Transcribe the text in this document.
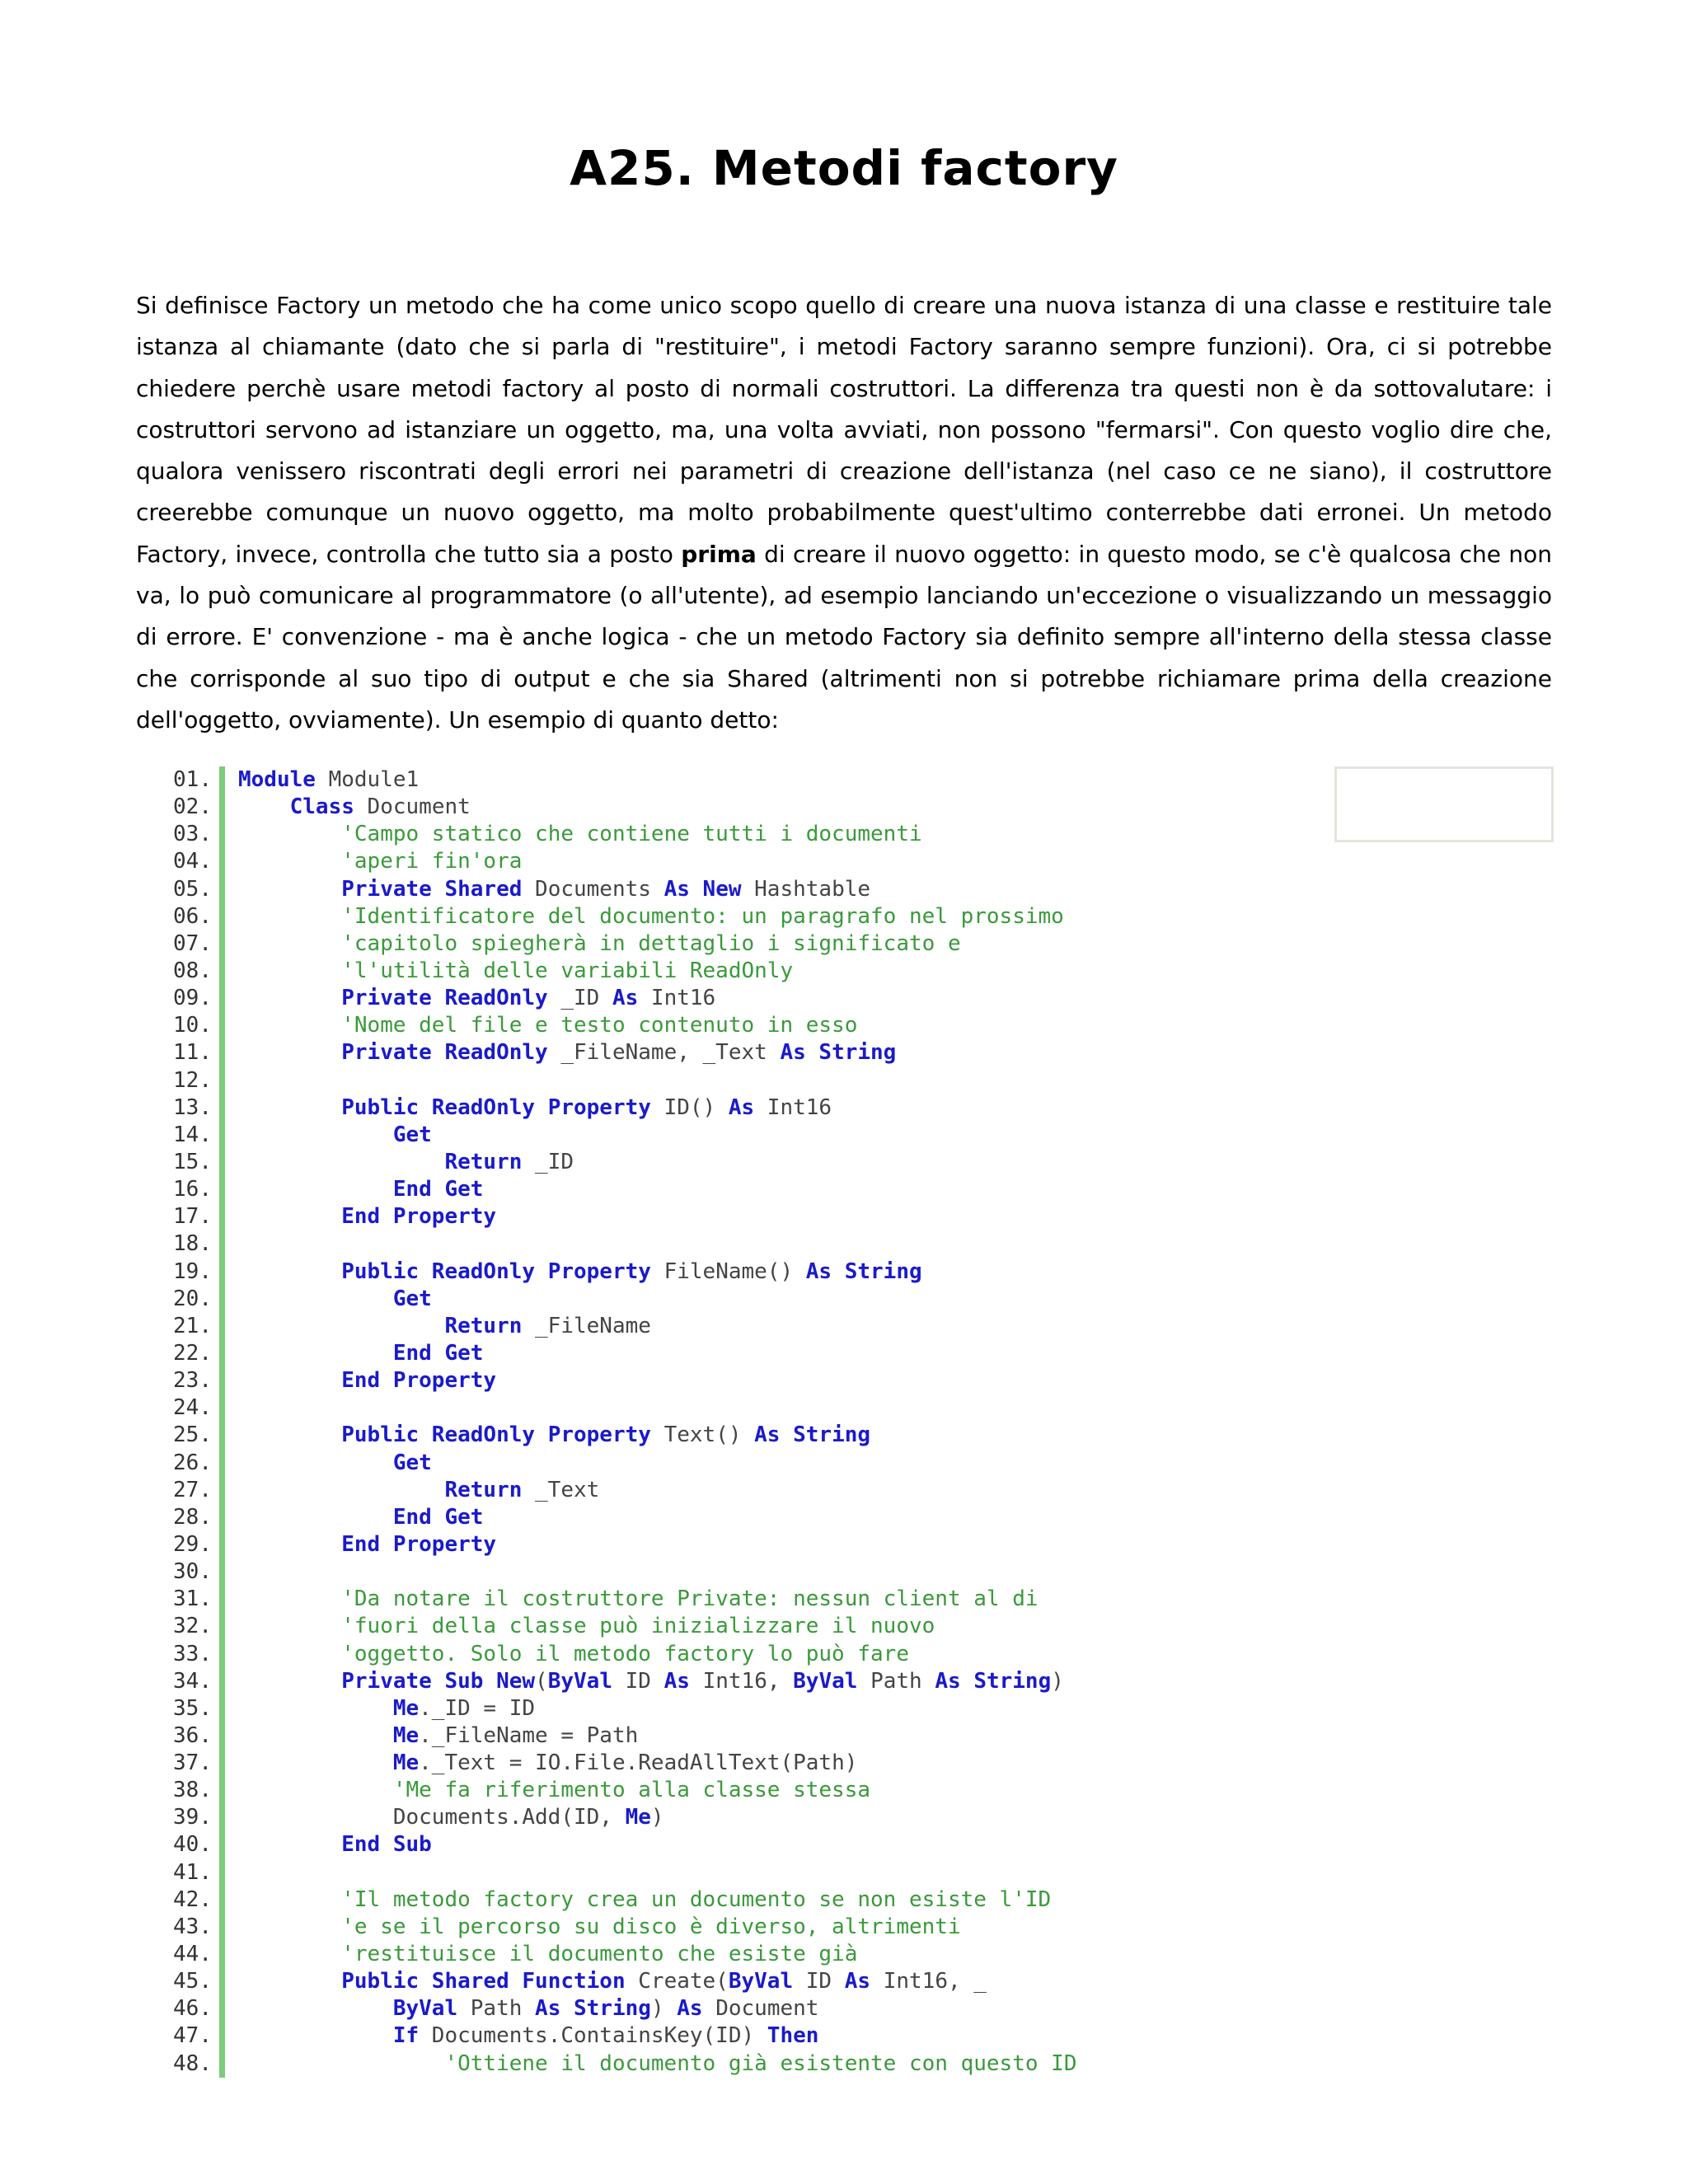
A25. Metodi factory

Si definisce Factory un metodo che ha come unico scopo quello di creare una nuova istanza di una classe e restituire tale istanza al chiamante (dato che si parla di "restituire", i metodi Factory saranno sempre funzioni). Ora, ci si potrebbe chiedere perchè usare metodi factory al posto di normali costruttori. La differenza tra questi non è da sottovalutare: i costruttori servono ad istanziare un oggetto, ma, una volta avviati, non possono "fermarsi". Con questo voglio dire che, qualora venissero riscontrati degli errori nei parametri di creazione dell'istanza (nel caso ce ne siano), il costruttore creerebbe comunque un nuovo oggetto, ma molto probabilmente quest'ultimo conterrebbe dati erronei. Un metodo Factory, invece, controlla che tutto sia a posto prima di creare il nuovo oggetto: in questo modo, se c'è qualcosa che non va, lo può comunicare al programmatore (o all'utente), ad esempio lanciando un'eccezione o visualizzando un messaggio di errore. E' convenzione - ma è anche logica - che un metodo Factory sia definito sempre all'interno della stessa classe che corrisponde al suo tipo di output e che sia Shared (altrimenti non si potrebbe richiamare prima della creazione dell'oggetto, ovviamente). Un esempio di quanto detto:

01. Module Module1
02.	Class Document
03.	'Campo statico che contiene tutti i documenti
04.	'aperi fin'ora
05.	Private Shared Documents As New Hashtable
06.	'Identificatore del documento: un paragrafo nel prossimo
07.	'capitolo spiegherà in dettaglio i significato e
08.	'l'utilità delle variabili ReadOnly
09.	Private ReadOnly _ID As Int16
10.	'Nome del file e testo contenuto in esso
11.	Private ReadOnly _FileName, _Text As String
12.
13.	Public ReadOnly Property ID() As Int16
14.	Get
15.	Return _ID
16.	End Get
17.	End Property
18.
19.	Public ReadOnly Property FileName() As String
20.	Get
21.	Return _FileName
22.	End Get
23.	End Property
24.
25.	Public ReadOnly Property Text() As String
26.	Get
27.	Return _Text
28.	End Get
29.	End Property
30.
31.	'Da notare il costruttore Private: nessun client al di
32.	'fuori della classe può inizializzare il nuovo
33.	'oggetto. Solo il metodo factory lo può fare
34.	Private Sub New(ByVal ID As Int16, ByVal Path As String)
35.	Me._ID = ID
36.	Me._FileName = Path
37.	Me._Text = IO.File.ReadAllText(Path)
38.	'Me fa riferimento alla classe stessa
39.	Documents.Add(ID, Me)
40.	End Sub
41.
42.	'Il metodo factory crea un documento se non esiste l'ID
43.	'e se il percorso su disco è diverso, altrimenti
44.	'restituisce il documento che esiste già
45.	Public Shared Function Create(ByVal ID As Int16, _
46.	ByVal Path As String) As Document
47.	If Documents.ContainsKey(ID) Then
48.	'Ottiene il documento già esistente con questo ID
